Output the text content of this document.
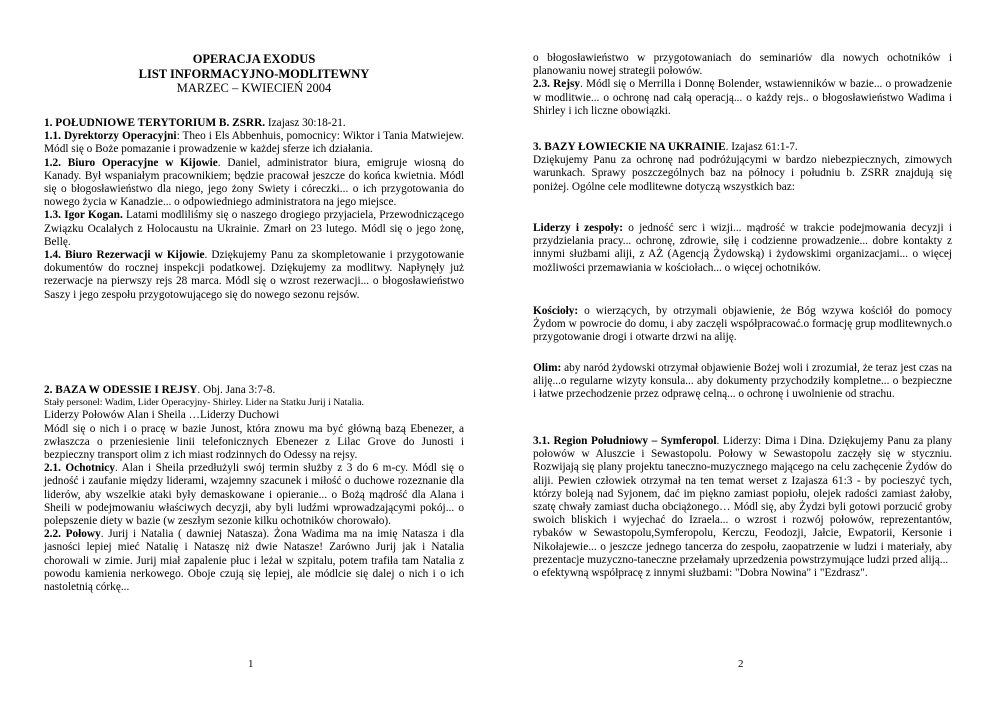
OPERACJA EXODUS
LIST INFORMACYJNO-MODLITEWNY
MARZEC – KWIECIEŃ 2004

1. POŁUDNIOWE TERYTORIUM B. ZSRR. Izajasz 30:18-21.

1.1. Dyrektorzy Operacyjni: Theo i Els Abbenhuis, pomocnicy: Wiktor i Tania Matwiejew. Módl się o Boże pomazanie i prowadzenie w każdej sferze ich działania.

1.2. Biuro Operacyjne w Kijowie. Daniel, administrator biura, emigruje wiosną do Kanady. Był wspaniałym pracownikiem; będzie pracował jeszcze do końca kwietnia. Módl się o błogosławieństwo dla niego, jego żony Swiety i córeczki... o ich przygotowania do nowego życia w Kanadzie... o odpowiedniego administratora na jego miejsce.

1.3. Igor Kogan. Latami modliliśmy się o naszego drogiego przyjaciela, Przewodniczącego Związku Ocalałych z Holocaustu na Ukrainie. Zmarł on 23 lutego. Módl się o jego żonę, Bellę.

1.4. Biuro Rezerwacji w Kijowie. Dziękujemy Panu za skompletowanie i przygotowanie dokumentów do rocznej inspekcji podatkowej. Dziękujemy za modlitwy. Napłynęły już rezerwacje na pierwszy rejs 28 marca. Módl się o wzrost rezerwacji... o błogosławieństwo Saszy i jego zespołu przygotowującego się do nowego sezonu rejsów.

2. BAZA W ODESSIE I REJSY. Obj. Jana 3:7-8.

Stały personel: Wadim, Lider Operacyjny- Shirley. Lider na Statku Jurij i Natalia.

Liderzy Połowów Alan i Sheila …Liderzy Duchowi

Módl się o nich i o pracę w bazie Junost, która znowu ma być główną bazą Ebenezer, a zwłaszcza o przeniesienie linii telefonicznych Ebenezer z Lilac Grove do Junosti i bezpieczny transport olim z ich miast rodzinnych do Odessy na rejsy.

2.1. Ochotnicy. Alan i Sheila przedłużyli swój termin służby z 3 do 6 m-cy. Módl się o jedność i zaufanie między liderami, wzajemny szacunek i miłość o duchowe rozeznanie dla liderów, aby wszelkie ataki były demaskowane i opieranie... o Bożą mądrość dla Alana i Sheili w podejmowaniu właściwych decyzji, aby byli ludźmi wprowadzającymi pokój... o polepszenie diety w bazie (w zeszłym sezonie kilku ochotników chorowało).

2.2. Połowy. Jurij i Natalia ( dawniej Natasza). Żona Wadima ma na imię Natasza i dla jasności lepiej mieć Natalię i Nataszę niż dwie Natasze! Zarówno Jurij jak i Natalia chorowali w zimie. Jurij miał zapalenie płuc i leżał w szpitalu, potem trafiła tam Natalia z powodu kamienia nerkowego. Oboje czują się lepiej, ale módlcie się dalej o nich i o ich nastoletnią córkę...

1

o błogosławieństwo w przygotowaniach do seminariów dla nowych ochotników i planowaniu nowej strategii połowów.

2.3. Rejsy. Módl się o Merrilla i Donnę Bolender, wstawienników w bazie... o prowadzenie w modlitwie... o ochronę nad całą operacją... o każdy rejs.. o błogosławieństwo Wadima i Shirley i ich liczne obowiązki.

3. BAZY ŁOWIECKIE NA UKRAINIE. Izajasz 61:1-7.

Dziękujemy Panu za ochronę nad podróżującymi w bardzo niebezpiecznych, zimowych warunkach. Sprawy poszczególnych baz na północy i południu b. ZSRR znajdują się poniżej. Ogólne cele modlitewne dotyczą wszystkich baz:

Liderzy i zespoły: o jedność serc i wizji... mądrość w trakcie podejmowania decyzji i przydzielania pracy... ochronę, zdrowie, siłę i codzienne prowadzenie... dobre kontakty z innymi służbami aliji, z AŻ (Agencją Żydowską) i żydowskimi organizacjami... o więcej możliwości przemawiania w kościołach... o więcej ochotników.

Kościoły: o wierzących, by otrzymali objawienie, że Bóg wzywa kościół do pomocy Żydom w powrocie do domu, i aby zaczęli współpracować.o formację grup modlitewnych.o przygotowanie drogi i otwarte drzwi na aliję.

Olim: aby naród żydowski otrzymał objawienie Bożej woli i zrozumiał, że teraz jest czas na aliję...o regularne wizyty konsula... aby dokumenty przychodziły kompletne... o bezpieczne i łatwe przechodzenie przez odprawę celną... o ochronę i uwolnienie od strachu.

3.1. Region Południowy – Symferopol. Liderzy: Dima i Dina. Dziękujemy Panu za plany połowów w Aluszcie i Sewastopolu. Połowy w Sewastopolu zaczęły się w styczniu. Rozwijają się plany projektu taneczno-muzycznego mającego na celu zachęcenie Żydów do aliji. Pewien człowiek otrzymał na ten temat werset z Izajasza 61:3 - by pocieszyć tych, którzy boleją nad Syjonem, dać im piękno zamiast popiołu, olejek radości zamiast żałoby, szatę chwały zamiast ducha obciążonego… Módl się, aby Żydzi byli gotowi porzucić groby swoich bliskich i wyjechać do Izraela... o wzrost i rozwój połowów, reprezentantów, rybaków w Sewastopolu,Symferopolu, Kerczu, Feodozji, Jałcie, Ewpatorii, Kersonie i Nikołajewie... o jeszcze jednego tancerza do zespołu, zaopatrzenie w ludzi i materiały, aby prezentacje muzyczno-taneczne przełamały uprzedzenia powstrzymujące ludzi przed aliją...

o efektywną współpracę z innymi służbami: "Dobra Nowina" i "Ezdrasz".

2
